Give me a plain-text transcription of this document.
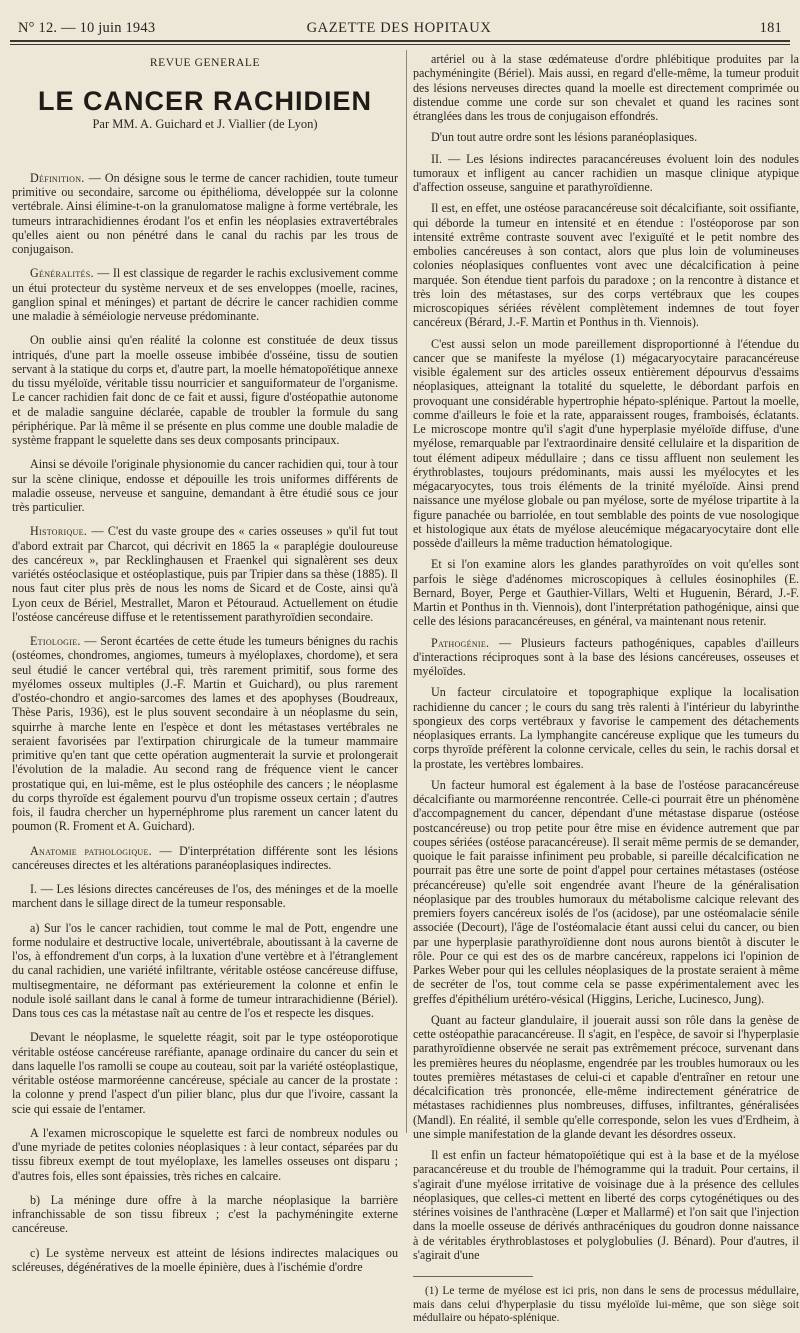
N° 12. — 10 juin 1943	GAZETTE DES HOPITAUX	181
REVUE GENERALE
LE CANCER RACHIDIEN
Par MM. A. Guichard et J. Viallier (de Lyon)

Définition. — On désigne sous le terme de cancer rachidien, toute tumeur primitive ou secondaire, sarcome ou épithélioma, développée sur la colonne vertébrale. Ainsi élimine-t-on la granulomatose maligne à forme vertébrale, les tumeurs intrarachidiennes érodant l'os et enfin les néoplasies extravertébrales qu'elles aient ou non pénétré dans le canal du rachis par les trous de conjugaison.

Généralités. — Il est classique de regarder le rachis exclusivement comme un étui protecteur du système nerveux et de ses enveloppes (moelle, racines, ganglion spinal et méninges) et partant de décrire le cancer rachidien comme une maladie à séméiologie nerveuse prédominante.

On oublie ainsi qu'en réalité la colonne est constituée de deux tissus intriqués, d'une part la moelle osseuse imbibée d'osséine, tissu de soutien servant à la statique du corps et, d'autre part, la moelle hématopoïétique annexe du tissu myéloïde, véritable tissu nourricier et sanguiformateur de l'organisme. Le cancer rachidien fait donc de ce fait et aussi, figure d'ostéopathie autonome et de maladie sanguine déclarée, capable de troubler la formule du sang périphérique. Par là même il se présente en plus comme une double maladie de système frappant le squelette dans ses deux composants principaux.

Ainsi se dévoile l'originale physionomie du cancer rachidien qui, tour à tour sur la scène clinique, endosse et dépouille les trois uniformes différents de maladie osseuse, nerveuse et sanguine, demandant à être étudié sous ce jour très particulier.

Historique. — C'est du vaste groupe des « caries osseuses » qu'il fut tout d'abord extrait par Charcot, qui décrivit en 1865 la « paraplégie douloureuse des cancéreux », par Recklinghausen et Fraenkel qui signalèrent ses deux variétés ostéoclasique et ostéoplastique, puis par Tripier dans sa thèse (1885). Il nous faut citer plus près de nous les noms de Sicard et de Coste, ainsi qu'à Lyon ceux de Bériel, Mestrallet, Maron et Pétouraud. Actuellement on étudie l'ostéose cancéreuse diffuse et le retentissement parathyroïdien secondaire.

Etiologie. — Seront écartées de cette étude les tumeurs bénignes du rachis (ostéomes, chondromes, angiomes, tumeurs à myéloplaxes, chordome), et sera seul étudié le cancer vertébral qui, très rarement primitif, sous forme des myélomes osseux multiples (J.-F. Martin et Guichard), ou plus rarement d'ostéo-chondro et angio-sarcomes des lames et des apophyses (Boudreaux, Thèse Paris, 1936), est le plus souvent secondaire à un néoplasme du sein, squirrhe à marche lente en l'espèce et dont les métastases vertébrales ne seraient favorisées par l'extirpation chirurgicale de la tumeur mammaire primitive qu'en tant que cette opération augmenterait la survie et prolongerait l'évolution de la maladie. Au second rang de fréquence vient le cancer prostatique qui, en lui-même, est le plus ostéophile des cancers ; le néoplasme du corps thyroïde est également pourvu d'un tropisme osseux certain ; d'autres fois, il faudra chercher un hypernéphrome plus rarement un cancer latent du poumon (R. Froment et A. Guichard).

Anatomie pathologique. — D'interprétation différente sont les lésions cancéreuses directes et les altérations paranéoplasiques indirectes.

I. — Les lésions directes cancéreuses de l'os, des méninges et de la moelle marchent dans le sillage direct de la tumeur responsable.

a) Sur l'os le cancer rachidien, tout comme le mal de Pott, engendre une forme nodulaire et destructive locale, univertébrale, aboutissant à la caverne de l'os, à effondrement d'un corps, à la luxation d'une vertèbre et à l'étranglement du canal rachidien, une variété infiltrante, véritable ostéose cancéreuse diffuse, multisegmentaire, ne déformant pas extérieurement la colonne et enfin le nodule isolé saillant dans le canal à forme de tumeur intrarachidienne (Bériel). Dans tous ces cas la métastase naît au centre de l'os et respecte les disques.

Devant le néoplasme, le squelette réagit, soit par le type ostéoporotique véritable ostéose cancéreuse raréfiante, apanage ordinaire du cancer du sein et dans laquelle l'os ramolli se coupe au couteau, soit par la variété ostéoplastique, véritable ostéose marmoréenne cancéreuse, spéciale au cancer de la prostate : la colonne y prend l'aspect d'un pilier blanc, plus dur que l'ivoire, cassant la scie qui essaie de l'entamer.

A l'examen microscopique le squelette est farci de nombreux nodules ou d'une myriade de petites colonies néoplasiques : à leur contact, séparées par du tissu fibreux exempt de tout myéloplaxe, les lamelles osseuses ont disparu ; d'autres fois, elles sont épaissies, très riches en calcaire.

b) La méninge dure offre à la marche néoplasique la barrière infranchissable de son tissu fibreux ; c'est la pachyméningite externe cancéreuse.

c) Le système nerveux est atteint de lésions indirectes malaciques ou scléreuses, dégénératives de la moelle épinière, dues à l'ischémie d'ordre

artériel ou à la stase œdémateuse d'ordre phlébitique produites par la pachyméningite (Bériel). Mais aussi, en regard d'elle-même, la tumeur produit des lésions nerveuses directes quand la moelle est directement comprimée ou distendue comme une corde sur son chevalet et quand les racines sont étranglées dans les trous de conjugaison effondrés.

D'un tout autre ordre sont les lésions paranéoplasiques.

II. — Les lésions indirectes paracancéreuses évoluent loin des nodules tumoraux et infligent au cancer rachidien un masque clinique atypique d'affection osseuse, sanguine et parathyroïdienne.

Il est, en effet, une ostéose paracancéreuse soit décalcifiante, soit ossifiante, qui déborde la tumeur en intensité et en étendue : l'ostéoporose par son intensité extrême contraste souvent avec l'exiguïté et le petit nombre des embolies cancéreuses à son contact, alors que plus loin de volumineuses colonies néoplasiques confluentes vont avec une décalcification à peine marquée. Son étendue tient parfois du paradoxe ; on la rencontre à distance et très loin des métastases, sur des corps vertébraux que les coupes microscopiques sériées révèlent complètement indemnes de tout foyer cancéreux (Bérard, J.-F. Martin et Ponthus in th. Viennois).

C'est aussi selon un mode pareillement disproportionné à l'étendue du cancer que se manifeste la myélose (1) mégacaryocytaire paracancéreuse visible également sur des articles osseux entièrement dépourvus d'essaims néoplasiques, atteignant la totalité du squelette, le débordant parfois en provoquant une considérable hypertrophie hépato-splénique. Partout la moelle, comme d'ailleurs le foie et la rate, apparaissent rouges, framboisés, éclatants. Le microscope montre qu'il s'agit d'une hyperplasie myéloïde diffuse, d'une myélose, remarquable par l'extraordinaire densité cellulaire et la disparition de tout élément adipeux médullaire ; dans ce tissu affluent non seulement les érythroblastes, toujours prédominants, mais aussi les myélocytes et les mégacaryocytes, tous trois éléments de la trinité myéloïde. Ainsi prend naissance une myélose globale ou pan myélose, sorte de myélose tripartite à la figure panachée ou barriolée, en tout semblable des points de vue nosologique et histologique aux états de myélose aleucémique mégacaryocytaire dont elle possède d'ailleurs la même traduction hématologique.

Et si l'on examine alors les glandes parathyroïdes on voit qu'elles sont parfois le siège d'adénomes microscopiques à cellules éosinophiles (E. Bernard, Boyer, Perge et Gauthier-Villars, Welti et Huguenin, Bérard, J.-F. Martin et Ponthus in th. Viennois), dont l'interprétation pathogénique, ainsi que celle des lésions paracancéreuses, en général, va maintenant nous retenir.

Pathogénie. — Plusieurs facteurs pathogéniques, capables d'ailleurs d'interactions réciproques sont à la base des lésions cancéreuses, osseuses et myéloïdes.

Un facteur circulatoire et topographique explique la localisation rachidienne du cancer ; le cours du sang très ralenti à l'intérieur du labyrinthe spongieux des corps vertébraux y favorise le campement des détachements néoplasiques errants. La lymphangite cancéreuse explique que les tumeurs du corps thyroïde préfèrent la colonne cervicale, celles du sein, le rachis dorsal et la prostate, les vertèbres lombaires.

Un facteur humoral est également à la base de l'ostéose paracancéreuse décalcifiante ou marmoréenne rencontrée. Celle-ci pourrait être un phénomène d'accompagnement du cancer, dépendant d'une métastase disparue (ostéose postcancéreuse) ou trop petite pour être mise en évidence autrement que par coupes sériées (ostéose paracancéreuse). Il serait même permis de se demander, quoique le fait paraisse infiniment peu probable, si pareille décalcification ne pourrait pas être une sorte de point d'appel pour certaines métastases (ostéose précancéreuse) qu'elle soit engendrée avant l'heure de la généralisation néoplasique par des troubles humoraux du métabolisme calcique relevant des premiers foyers cancéreux isolés de l'os (acidose), par une ostéomalacie sénile associée (Decourt), l'âge de l'ostéomalacie étant aussi celui du cancer, ou bien par une hyperplasie parathyroïdienne dont nous aurons bientôt à discuter le rôle. Pour ce qui est des os de marbre cancéreux, rappelons ici l'opinion de Parkes Weber pour qui les cellules néoplasiques de la prostate seraient à même de secréter de l'os, tout comme cela se passe expérimentalement avec les greffes d'épithélium urétéro-vésical (Higgins, Leriche, Lucinesco, Jung).

Quant au facteur glandulaire, il jouerait aussi son rôle dans la genèse de cette ostéopathie paracancéreuse. Il s'agit, en l'espèce, de savoir si l'hyperplasie parathyroïdienne observée ne serait pas extrêmement précoce, survenant dans les premières heures du néoplasme, engendrée par les troubles humoraux ou les toutes premières métastases de celui-ci et capable d'entraîner en retour une décalcification très prononcée, elle-même indirectement génératrice de métastases rachidiennes plus nombreuses, diffuses, infiltrantes, généralisées (Mandl). En réalité, il semble qu'elle corresponde, selon les vues d'Erdheim, à une simple manifestation de la glande devant les désordres osseux.

Il est enfin un facteur hématopoïétique qui est à la base et de la myélose paracancéreuse et du trouble de l'hémogramme qui la traduit. Pour certains, il s'agirait d'une myélose irritative de voisinage due à la présence des cellules néoplasiques, que celles-ci mettent en liberté des corps cytogénétiques ou des stérines voisines de l'anthracène (Lœper et Mallarmé) et l'on sait que l'injection dans la moelle osseuse de dérivés anthracéniques du goudron donne naissance à de véritables érythroblastoses et polyglobulies (J. Bénard). Pour d'autres, il s'agirait d'une

(1) Le terme de myélose est ici pris, non dans le sens de processus médullaire, mais dans celui d'hyperplasie du tissu myéloïde lui-même, que son siège soit médullaire ou hépato-splénique.
